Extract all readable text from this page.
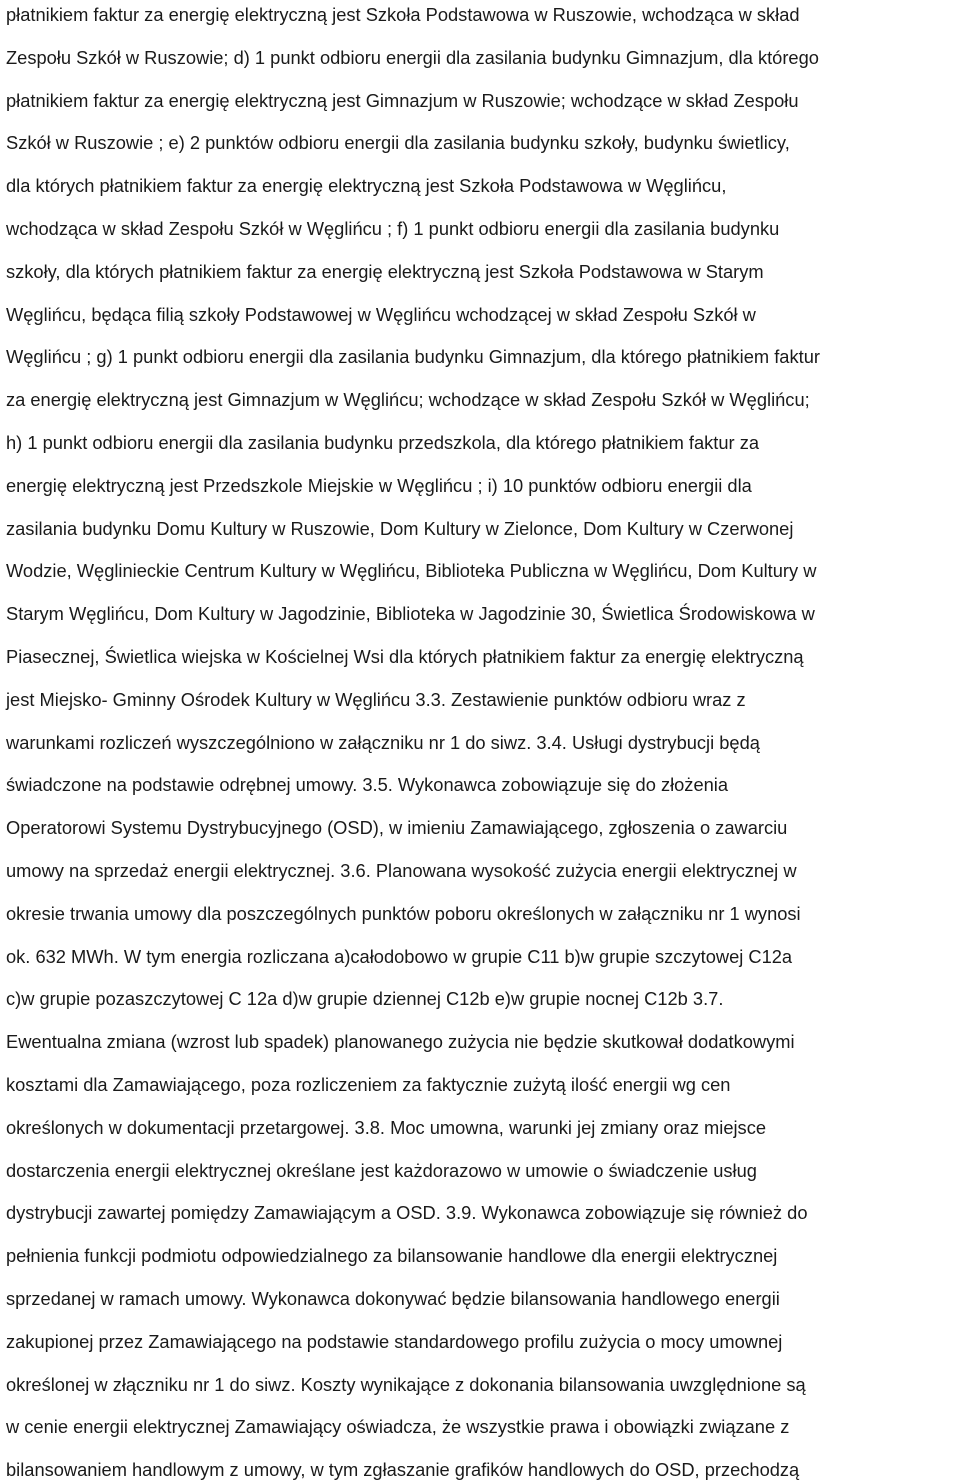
płatnikiem faktur za energię elektryczną jest Szkoła Podstawowa w Ruszowie, wchodząca w skład
Zespołu Szkół w Ruszowie; d) 1 punkt odbioru energii dla zasilania budynku Gimnazjum, dla którego
płatnikiem faktur za energię elektryczną jest Gimnazjum w Ruszowie; wchodzące w skład Zespołu
Szkół w Ruszowie ; e) 2 punktów odbioru energii dla zasilania budynku szkoły, budynku świetlicy,
dla których płatnikiem faktur za energię elektryczną jest Szkoła Podstawowa w Węglińcu,
wchodząca w skład Zespołu Szkół w Węglińcu ; f) 1 punkt odbioru energii dla zasilania budynku
szkoły, dla których płatnikiem faktur za energię elektryczną jest Szkoła Podstawowa w Starym
Węglińcu, będąca filią szkoły Podstawowej w Węglińcu wchodzącej w skład Zespołu Szkół w
Węglińcu ; g) 1 punkt odbioru energii dla zasilania budynku Gimnazjum, dla którego płatnikiem faktur
za energię elektryczną jest Gimnazjum w Węglińcu; wchodzące w skład Zespołu Szkół w Węglińcu;
h) 1 punkt odbioru energii dla zasilania budynku przedszkola, dla którego płatnikiem faktur za
energię elektryczną jest Przedszkole Miejskie w Węglińcu ; i) 10 punktów odbioru energii dla
zasilania budynku Domu Kultury w Ruszowie, Dom Kultury w Zielonce, Dom Kultury w Czerwonej
Wodzie, Węglinieckie Centrum Kultury w Węglińcu, Biblioteka Publiczna w Węglińcu, Dom Kultury w
Starym Węglińcu, Dom Kultury w Jagodzinie, Biblioteka w Jagodzinie 30, Świetlica Środowiskowa w
Piasecznej, Świetlica wiejska w Kościelnej Wsi dla których płatnikiem faktur za energię elektryczną
jest Miejsko- Gminny Ośrodek Kultury w Węglińcu 3.3. Zestawienie punktów odbioru wraz z
warunkami rozliczeń wyszczególniono w załączniku nr 1 do siwz. 3.4. Usługi dystrybucji będą
świadczone na podstawie odrębnej umowy. 3.5. Wykonawca zobowiązuje się do złożenia
Operatorowi Systemu Dystrybucyjnego (OSD), w imieniu Zamawiającego, zgłoszenia o zawarciu
umowy na sprzedaż energii elektrycznej. 3.6. Planowana wysokość zużycia energii elektrycznej w
okresie trwania umowy dla poszczególnych punktów poboru określonych w załączniku nr 1 wynosi
ok. 632 MWh. W tym energia rozliczana a)całodobowo w grupie C11 b)w grupie szczytowej C12a
c)w grupie pozaszczytowej C 12a d)w grupie dziennej C12b e)w grupie nocnej C12b 3.7.
Ewentualna zmiana (wzrost lub spadek) planowanego zużycia nie będzie skutkował dodatkowymi
kosztami dla Zamawiającego, poza rozliczeniem za faktycznie zużytą ilość energii wg cen
określonych w dokumentacji przetargowej. 3.8. Moc umowna, warunki jej zmiany oraz miejsce
dostarczenia energii elektrycznej określane jest każdorazowo w umowie o świadczenie usług
dystrybucji zawartej pomiędzy Zamawiającym a OSD. 3.9. Wykonawca zobowiązuje się również do
pełnienia funkcji podmiotu odpowiedzialnego za bilansowanie handlowe dla energii elektrycznej
sprzedanej w ramach umowy. Wykonawca dokonywać będzie bilansowania handlowego energii
zakupionej przez Zamawiającego na podstawie standardowego profilu zużycia o mocy umownej
określonej w złączniku nr 1 do siwz. Koszty wynikające z dokonania bilansowania uwzględnione są
w cenie energii elektrycznej Zamawiający oświadcza, że wszystkie prawa i obowiązki związane z
bilansowaniem handlowym z umowy, w tym zgłaszanie grafików handlowych do OSD, przechodzą
